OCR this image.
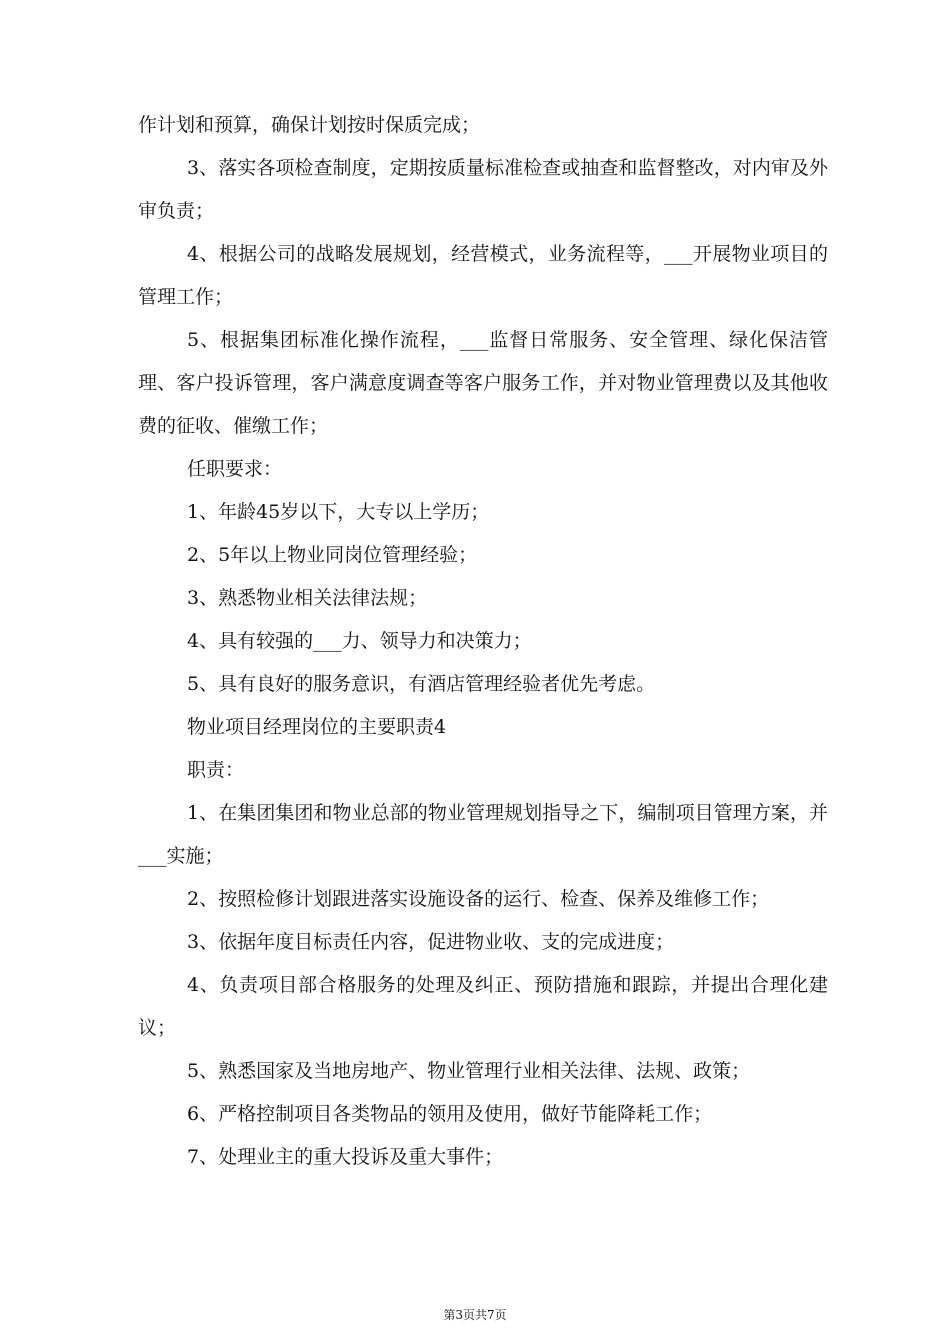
作计划和预算，确保计划按时保质完成；

3、落实各项检查制度，定期按质量标准检查或抽查和监督整改，对内审及外审负责；

4、根据公司的战略发展规划，经营模式，业务流程等，___开展物业项目的管理工作；

5、根据集团标准化操作流程，___监督日常服务、安全管理、绿化保洁管理、客户投诉管理，客户满意度调查等客户服务工作，并对物业管理费以及其他收费的征收、催缴工作；

任职要求：

1、年龄45岁以下，大专以上学历；

2、5年以上物业同岗位管理经验；

3、熟悉物业相关法律法规；

4、具有较强的___力、领导力和决策力；

5、具有良好的服务意识，有酒店管理经验者优先考虑。

物业项目经理岗位的主要职责4

职责：

1、在集团集团和物业总部的物业管理规划指导之下，编制项目管理方案，并___实施；

2、按照检修计划跟进落实设施设备的运行、检查、保养及维修工作；

3、依据年度目标责任内容，促进物业收、支的完成进度；

4、负责项目部合格服务的处理及纠正、预防措施和跟踪，并提出合理化建议；

5、熟悉国家及当地房地产、物业管理行业相关法律、法规、政策；

6、严格控制项目各类物品的领用及使用，做好节能降耗工作；

7、处理业主的重大投诉及重大事件；

第3页共7页
